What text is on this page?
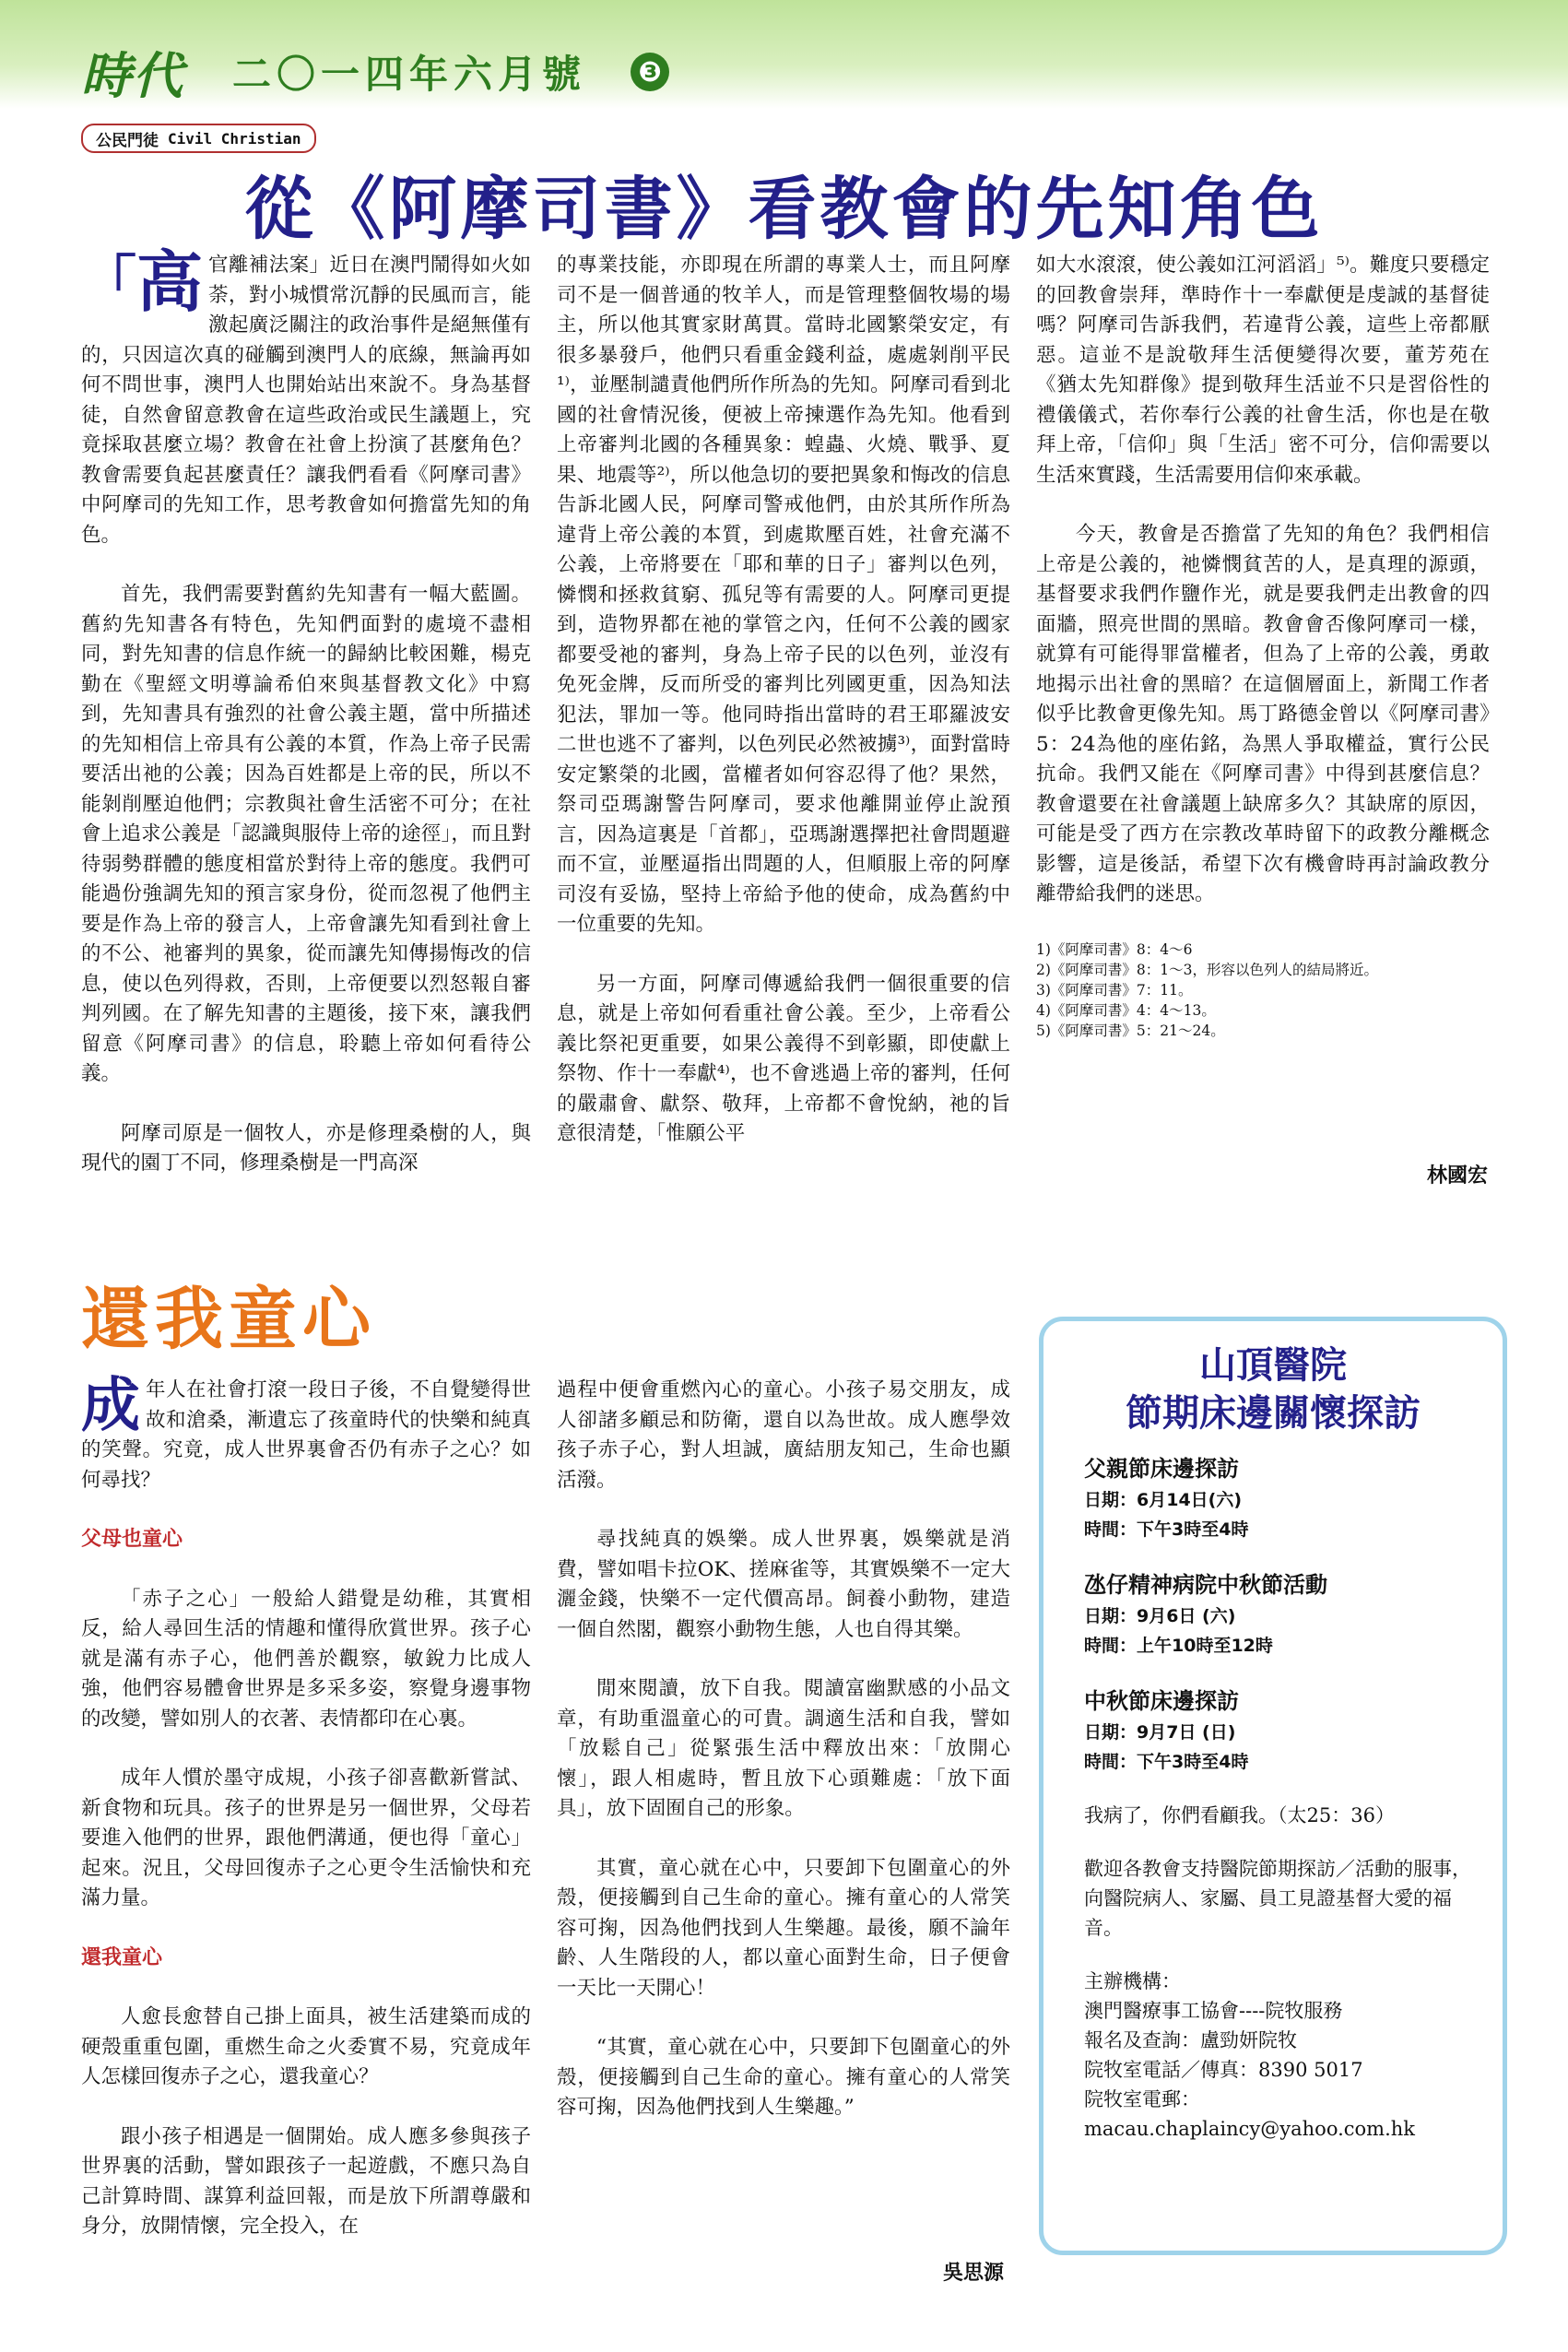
時代 二〇一四年六月號 ❸
公民門徒 Civil Christian
從《阿摩司書》看教會的先知角色

「高 官離補法案」近日在澳門鬧得如火如荼，對小城慣常沉靜的民風而言，能激起廣泛關注的政治事件是絕無僅有的，只因這次真的碰觸到澳門人的底線，無論再如何不問世事，澳門人也開始站出來說不。身為基督徒，自然會留意教會在這些政治或民生議題上，究竟採取甚麼立場？教會在社會上扮演了甚麼角色？教會需要負起甚麼責任？讓我們看看《阿摩司書》中阿摩司的先知工作，思考教會如何擔當先知的角色。

首先，我們需要對舊約先知書有一幅大藍圖。舊約先知書各有特色，先知們面對的處境不盡相同，對先知書的信息作統一的歸納比較困難，楊克勤在《聖經文明導論希伯來與基督教文化》中寫到，先知書具有強烈的社會公義主題，當中所描述的先知相信上帝具有公義的本質，作為上帝子民需要活出祂的公義；因為百姓都是上帝的民，所以不能剝削壓迫他們；宗教與社會生活密不可分；在社會上追求公義是「認識與服侍上帝的途徑」，而且對待弱勢群體的態度相當於對待上帝的態度。我們可能過份強調先知的預言家身份，從而忽視了他們主要是作為上帝的發言人，上帝會讓先知看到社會上的不公、祂審判的異象，從而讓先知傳揚悔改的信息，使以色列得救，否則，上帝便要以烈怒報自審判列國。在了解先知書的主題後，接下來，讓我們留意《阿摩司書》的信息，聆聽上帝如何看待公義。

阿摩司原是一個牧人，亦是修理桑樹的人，與現代的園丁不同，修理桑樹是一門高深

的專業技能，亦即現在所謂的專業人士，而且阿摩司不是一個普通的牧羊人，而是管理整個牧場的場主，所以他其實家財萬貫。當時北國繁榮安定，有很多暴發戶，他們只看重金錢利益，處處剝削平民¹⁾，並壓制譴責他們所作所為的先知。阿摩司看到北國的社會情況後，便被上帝揀選作為先知。他看到上帝審判北國的各種異象：蝗蟲、火燒、戰爭、夏果、地震等²⁾，所以他急切的要把異象和悔改的信息告訴北國人民，阿摩司警戒他們，由於其所作所為違背上帝公義的本質，到處欺壓百姓，社會充滿不公義，上帝將要在「耶和華的日子」審判以色列，憐憫和拯救貧窮、孤兒等有需要的人。阿摩司更提到，造物界都在祂的掌管之內，任何不公義的國家都要受祂的審判，身為上帝子民的以色列，並沒有免死金牌，反而所受的審判比列國更重，因為知法犯法，罪加一等。他同時指出當時的君王耶羅波安二世也逃不了審判，以色列民必然被擄³⁾，面對當時安定繁榮的北國，當權者如何容忍得了他？果然，祭司亞瑪謝警告阿摩司，要求他離開並停止說預言，因為這裏是「首都」，亞瑪謝選擇把社會問題避而不宣，並壓逼指出問題的人，但順服上帝的阿摩司沒有妥協，堅持上帝給予他的使命，成為舊約中一位重要的先知。

另一方面，阿摩司傳遞給我們一個很重要的信息，就是上帝如何看重社會公義。至少，上帝看公義比祭祀更重要，如果公義得不到彰顯，即使獻上祭物、作十一奉獻⁴⁾，也不會逃過上帝的審判，任何的嚴肅會、獻祭、敬拜，上帝都不會悅納，祂的旨意很清楚，「惟願公平

如大水滾滾，使公義如江河滔滔」⁵⁾。難度只要穩定的回教會崇拜，準時作十一奉獻便是虔誠的基督徒嗎？阿摩司告訴我們，若違背公義，這些上帝都厭惡。這並不是說敬拜生活便變得次要，董芳苑在《猶太先知群像》提到敬拜生活並不只是習俗性的禮儀儀式，若你奉行公義的社會生活，你也是在敬拜上帝，「信仰」與「生活」密不可分，信仰需要以生活來實踐，生活需要用信仰來承載。

今天，教會是否擔當了先知的角色？我們相信上帝是公義的，祂憐憫貧苦的人，是真理的源頭，基督要求我們作鹽作光，就是要我們走出教會的四面牆，照亮世間的黑暗。教會會否像阿摩司一樣，就算有可能得罪當權者，但為了上帝的公義，勇敢地揭示出社會的黑暗？在這個層面上，新聞工作者似乎比教會更像先知。馬丁路德金曾以《阿摩司書》5：24為他的座佑銘，為黑人爭取權益，實行公民抗命。我們又能在《阿摩司書》中得到甚麼信息？教會還要在社會議題上缺席多久？其缺席的原因，可能是受了西方在宗教改革時留下的政教分離概念影響，這是後話，希望下次有機會時再討論政教分離帶給我們的迷思。

1)《阿摩司書》8：4～6
2)《阿摩司書》8：1～3，形容以色列人的結局將近。
3)《阿摩司書》7：11。
4)《阿摩司書》4：4～13。
5)《阿摩司書》5：21～24。
林國宏
還我童心

成年人在社會打滾一段日子後，不自覺變得世故和滄桑，漸遺忘了孩童時代的快樂和純真的笑聲。究竟，成人世界裏會否仍有赤子之心？如何尋找？

父母也童心

「赤子之心」一般給人錯覺是幼稚，其實相反，給人尋回生活的情趣和懂得欣賞世界。孩子心就是滿有赤子心，他們善於觀察，敏銳力比成人強，他們容易體會世界是多采多姿，察覺身邊事物的改變，譬如別人的衣著、表情都印在心裏。

成年人慣於墨守成規，小孩子卻喜歡新嘗試、新食物和玩具。孩子的世界是另一個世界，父母若要進入他們的世界，跟他們溝通，便也得「童心」起來。況且，父母回復赤子之心更令生活愉快和充滿力量。

還我童心

人愈長愈替自己掛上面具，被生活建築而成的硬殼重重包圍，重燃生命之火委實不易，究竟成年人怎樣回復赤子之心，還我童心？

跟小孩子相遇是一個開始。成人應多參與孩子世界裏的活動，譬如跟孩子一起遊戲，不應只為自己計算時間、謀算利益回報，而是放下所謂尊嚴和身分，放開情懷，完全投入，在

過程中便會重燃內心的童心。小孩子易交朋友，成人卻諸多顧忌和防衛，還自以為世故。成人應學效孩子赤子心，對人坦誠，廣結朋友知己，生命也顯活潑。

尋找純真的娛樂。成人世界裏，娛樂就是消費，譬如唱卡拉OK、搓麻雀等，其實娛樂不一定大灑金錢，快樂不一定代價高昂。飼養小動物，建造一個自然閣，觀察小動物生態，人也自得其樂。

閒來閱讀，放下自我。閱讀富幽默感的小品文章，有助重溫童心的可貴。調適生活和自我，譬如「放鬆自己」從緊張生活中釋放出來：「放開心懷」，跟人相處時，暫且放下心頭難處：「放下面具」，放下固囿自己的形象。

其實，童心就在心中，只要卸下包圍童心的外殼，便接觸到自己生命的童心。擁有童心的人常笑容可掬，因為他們找到人生樂趣。最後，願不論年齡、人生階段的人，都以童心面對生命，日子便會一天比一天開心！

“其實，童心就在心中，只要卸下包圍童心的外殼，便接觸到自己生命的童心。擁有童心的人常笑容可掬，因為他們找到人生樂趣。”

吳思源
山頂醫院
節期床邊關懷探訪
父親節床邊探訪
日期：6月14日(六)
時間：下午3時至4時
氹仔精神病院中秋節活動
日期：9月6日 (六)
時間：上午10時至12時
中秋節床邊探訪
日期：9月7日 (日)
時間：下午3時至4時

我病了，你們看顧我。（太25：36）

歡迎各教會支持醫院節期探訪／活動的服事，向醫院病人、家屬、員工見證基督大愛的福音。

主辦機構：

澳門醫療事工協會----院牧服務

報名及查詢：盧勁妍院牧

院牧室電話／傳真：8390 5017

院牧室電郵：

macau.chaplaincy@yahoo.com.hk
